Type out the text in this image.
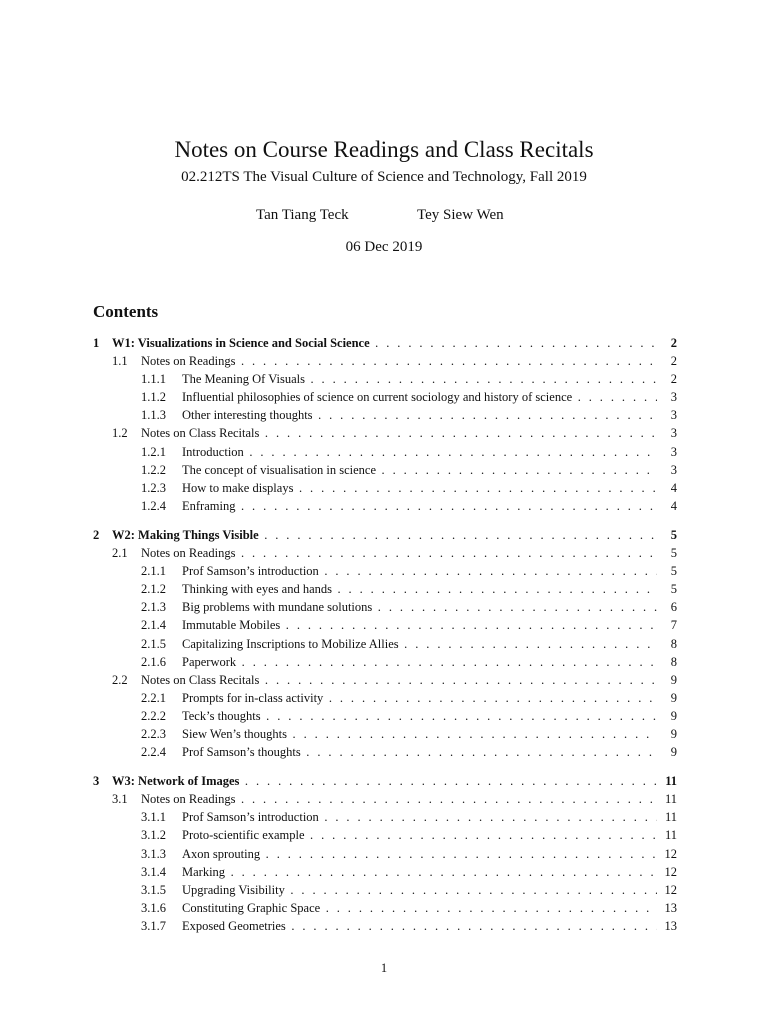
Notes on Course Readings and Class Recitals
02.212TS The Visual Culture of Science and Technology, Fall 2019
Tan Tiang Teck	Tey Siew Wen
06 Dec 2019
Contents
1 W1: Visualizations in Science and Social Science . . .	2
1.1 Notes on Readings . . .	2
1.1.1 The Meaning Of Visuals . . .	2
1.1.2 Influential philosophies of science on current sociology and history of science . . .	3
1.1.3 Other interesting thoughts . . .	3
1.2 Notes on Class Recitals . . .	3
1.2.1 Introduction . . .	3
1.2.2 The concept of visualisation in science . . .	3
1.2.3 How to make displays . . .	4
1.2.4 Enframing . . .	4
2 W2: Making Things Visible . . .	5
2.1 Notes on Readings . . .	5
2.1.1 Prof Samson’s introduction . . .	5
2.1.2 Thinking with eyes and hands . . .	5
2.1.3 Big problems with mundane solutions . . .	6
2.1.4 Immutable Mobiles . . .	7
2.1.5 Capitalizing Inscriptions to Mobilize Allies . . .	8
2.1.6 Paperwork . . .	8
2.2 Notes on Class Recitals . . .	9
2.2.1 Prompts for in-class activity . . .	9
2.2.2 Teck’s thoughts . . .	9
2.2.3 Siew Wen’s thoughts . . .	9
2.2.4 Prof Samson’s thoughts . . .	9
3 W3: Network of Images . . .	11
3.1 Notes on Readings . . .	11
3.1.1 Prof Samson’s introduction . . .	11
3.1.2 Proto-scientific example . . .	11
3.1.3 Axon sprouting . . .	12
3.1.4 Marking . . .	12
3.1.5 Upgrading Visibility . . .	12
3.1.6 Constituting Graphic Space . . .	13
3.1.7 Exposed Geometries . . .	13
1
